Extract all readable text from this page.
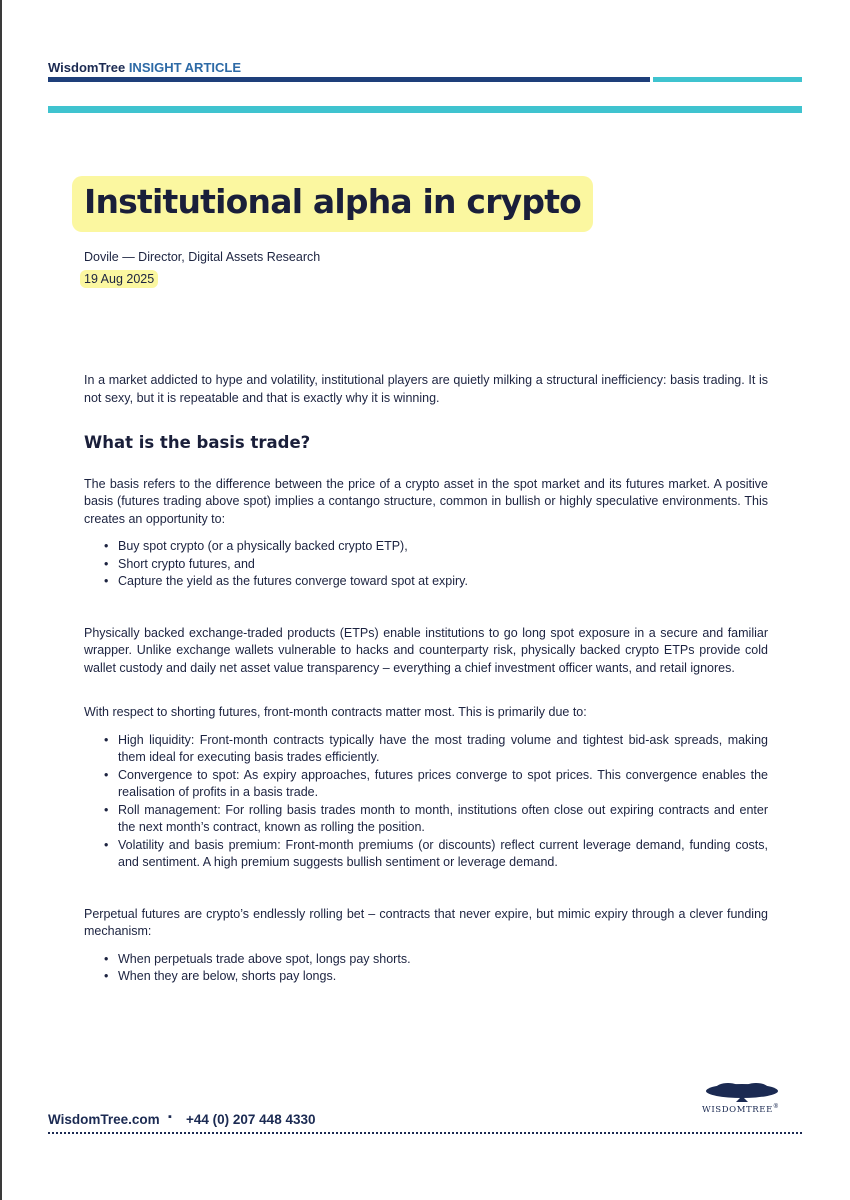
WisdomTree INSIGHT ARTICLE
Institutional alpha in crypto
Dovile — Director, Digital Assets Research
19 Aug 2025

In a market addicted to hype and volatility, institutional players are quietly milking a structural inefficiency: basis trading. It is not sexy, but it is repeatable and that is exactly why it is winning.

What is the basis trade?

The basis refers to the difference between the price of a crypto asset in the spot market and its futures market. A positive basis (futures trading above spot) implies a contango structure, common in bullish or highly speculative environments. This creates an opportunity to:

• Buy spot crypto (or a physically backed crypto ETP),
• Short crypto futures, and
• Capture the yield as the futures converge toward spot at expiry.

Physically backed exchange-traded products (ETPs) enable institutions to go long spot exposure in a secure and familiar wrapper. Unlike exchange wallets vulnerable to hacks and counterparty risk, physically backed crypto ETPs provide cold wallet custody and daily net asset value transparency – everything a chief investment officer wants, and retail ignores.

With respect to shorting futures, front-month contracts matter most. This is primarily due to:

• High liquidity: Front-month contracts typically have the most trading volume and tightest bid-ask spreads, making them ideal for executing basis trades efficiently.
• Convergence to spot: As expiry approaches, futures prices converge to spot prices. This convergence enables the realisation of profits in a basis trade.
• Roll management: For rolling basis trades month to month, institutions often close out expiring contracts and enter the next month’s contract, known as rolling the position.
• Volatility and basis premium: Front-month premiums (or discounts) reflect current leverage demand, funding costs, and sentiment. A high premium suggests bullish sentiment or leverage demand.

Perpetual futures are crypto’s endlessly rolling bet – contracts that never expire, but mimic expiry through a clever funding mechanism:

• When perpetuals trade above spot, longs pay shorts.
• When they are below, shorts pay longs.
WISDOMTREE®
WisdomTree.com ▪ +44 (0) 207 448 4330
